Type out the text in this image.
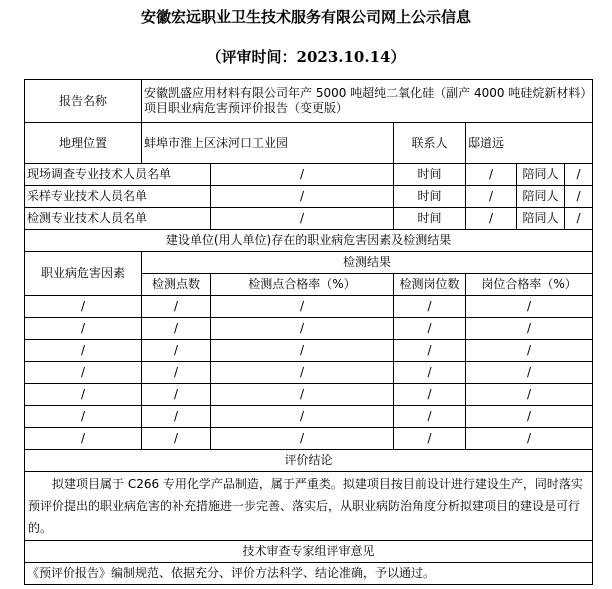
安徽宏远职业卫生技术服务有限公司网上公示信息
（评审时间：2023.10.14）
报告名称	安徽凯盛应用材料有限公司年产 5000 吨超纯二氧化硅（副产 4000 吨硅烷新材料）项目职业病危害预评价报告（变更版）					
地理位置	蚌埠市淮上区沫河口工业园		联系人	邸道远		
现场调查专业技术人员名单		/	时间	/	陪同人	/
采样专业技术人员名单		/	时间	/	陪同人	/
检测专业技术人员名单		/	时间	/	陪同人	/
建设单位(用人单位)存在的职业病危害因素及检测结果						
职业病危害因素	检测结果					
	检测点数	检测点合格率（%）	检测岗位数	岗位合格率（%）		
/	/	/	/	/		
/	/	/	/	/		
/	/	/	/	/		
/	/	/	/	/		
/	/	/	/	/		
/	/	/	/	/		
/	/	/	/	/		
评价结论						
拟建项目属于 C266 专用化学产品制造，属于严重类。拟建项目按目前设计进行建设生产，同时落实预评价提出的职业病危害的补充措施进一步完善、落实后，从职业病防治角度分析拟建项目的建设是可行的。						
技术审查专家组评审意见						
《预评价报告》编制规范、依据充分、评价方法科学、结论准确，予以通过。						
